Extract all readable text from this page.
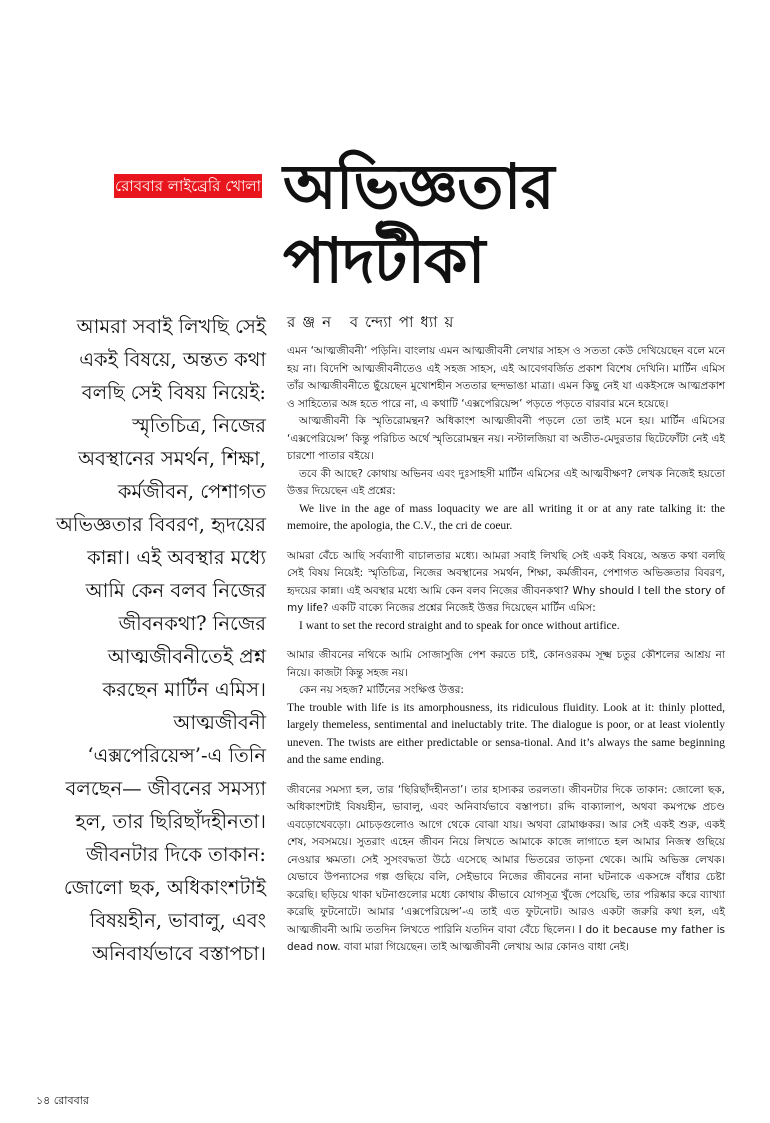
রোববার লাইব্রেরি খোলা অভিজ্ঞতার
পাদটীকা
আমরা সবাই লিখছি সেই একই বিষয়ে, অন্তত কথা বলছি সেই বিষয় নিয়েই: স্মৃতিচিত্র, নিজের অবস্থানের সমর্থন, শিক্ষা, কর্মজীবন, পেশাগত অভিজ্ঞতার বিবরণ, হৃদয়ের কান্না। এই অবস্থার মধ্যে আমি কেন বলব নিজের জীবনকথা? নিজের আত্মজীবনীতেই প্রশ্ন করছেন মার্টিন এমিস। আত্মজীবনী ‘এক্সপেরিয়েন্স’-এ তিনি বলছেন— জীবনের সমস্যা হল, তার ছিরিছাঁদহীনতা। জীবনটার দিকে তাকান: জোলো ছক, অধিকাংশটাই বিষয়হীন, ভাবালু, এবং অনিবার্যভাবে বস্তাপচা।
রঞ্জন বন্দ্যোপাধ্যায়

এমন ‘আত্মজীবনী’ পড়িনি। বাংলায় এমন আত্মজীবনী লেখার সাহস ও সততা কেউ দেখিয়েছেন বলে মনে হয় না। বিদেশি আত্মজীবনীতেও এই সহজ সাহস, এই আবেগবর্জিত প্রকাশ বিশেষ দেখিনি। মার্টিন এমিস তাঁর আত্মজীবনীতে ছুঁয়েছেন মুখোশহীন সততার ছন্দভাঙা মাত্রা। এমন কিছু নেই যা একইসঙ্গে আত্মপ্রকাশ ও সাহিত্যের অঙ্গ হতে পারে না, এ কথাটি ‘এক্সপেরিয়েন্স’ পড়তে পড়তে বারবার মনে হয়েছে।

আত্মজীবনী কি স্মৃতিরোমন্থন? অধিকাংশ আত্মজীবনী পড়লে তো তাই মনে হয়। মার্টিন এমিসের ‘এক্সপেরিয়েন্স’ কিন্তু পরিচিত অর্থে স্মৃতিরোমন্থন নয়। নস্টালজিয়া বা অতীত-মেদুরতার ছিটেফোঁটা নেই এই চারশো পাতার বইয়ে।

তবে কী আছে? কোথায় অভিনব এবং দুঃসাহসী মার্টিন এমিসের এই আত্মবীক্ষণ? লেখক নিজেই হয়তো উত্তর দিয়েছেন এই প্রশ্নের:

We live in the age of mass loquacity we are all writing it or at any rate talking it: the memoire, the apologia, the C.V., the cri de coeur.

আমরা বেঁচে আছি সর্বব্যাপী বাচালতার মধ্যে। আমরা সবাই লিখছি সেই একই বিষয়ে, অন্তত কথা বলছি সেই বিষয় নিয়েই: স্মৃতিচিত্র, নিজের অবস্থানের সমর্থন, শিক্ষা, কর্মজীবন, পেশাগত অভিজ্ঞতার বিবরণ, হৃদয়ের কান্না। এই অবস্থার মধ্যে আমি কেন বলব নিজের জীবনকথা? Why should I tell the story of my life? একটি বাক্যে নিজের প্রশ্নের নিজেই উত্তর দিয়েছেন মার্টিন এমিস:

I want to set the record straight and to speak for once without artifice.

আমার জীবনের নথিকে আমি সোজাসুজি পেশ করতে চাই, কোনওরকম সূক্ষ্ম চতুর কৌশলের আশ্রয় না নিয়ে। কাজটা কিন্তু সহজ নয়।

কেন নয় সহজ? মার্টিনের সংক্ষিপ্ত উত্তর:

The trouble with life is its amorphousness, its ridiculous fluidity. Look at it: thinly plotted, largely themeless, sentimental and ineluctably trite. The dialogue is poor, or at least violently uneven. The twists are either predictable or sensa-tional. And it’s always the same beginning and the same ending.

জীবনের সমস্যা হল, তার ‘ছিরিছাঁদহীনতা’। তার হাস্যকর তরলতা। জীবনটার দিকে তাকান: জোলো ছক, অধিকাংশটাই বিষয়হীন, ভাবালু, এবং অনিবার্যভাবে বস্তাপচা। রদ্দি বাক্যালাপ, অথবা কমপক্ষে প্রচণ্ড এবড়োখেবড়ো। মোচড়গুলোও আগে থেকে বোঝা যায়। অথবা রোমাঞ্চকর। আর সেই একই শুরু, একই শেষ, সবসময়ে। সুতরাং এহেন জীবন নিয়ে লিখতে আমাকে কাজে লাগাতে হল আমার নিজস্ব গুছিয়ে নেওয়ার ক্ষমতা। সেই সুসংবদ্ধতা উঠে এসেছে আমার ভিতরের তাড়না থেকে। আমি অভিজ্ঞ লেখক। যেভাবে উপন্যাসের গল্প গুছিয়ে বলি, সেইভাবে নিজের জীবনের নানা ঘটনাকে একসঙ্গে বাঁধার চেষ্টা করেছি। ছড়িয়ে থাকা ঘটনাগুলোর মধ্যে কোথায় কীভাবে যোগসূত্র খুঁজে পেয়েছি, তার পরিষ্কার করে ব্যাখ্যা করেছি ফুটনোটে। আমার ‘এক্সপেরিয়েন্স’-এ তাই এত ফুটনোট। আরও একটা জরুরি কথা হল, এই আত্মজীবনী আমি ততদিন লিখতে পারিনি যতদিন বাবা বেঁচে ছিলেন। I do it because my father is dead now. বাবা মারা গিয়েছেন। তাই আত্মজীবনী লেখায় আর কোনও বাধা নেই।

১৪ রোববার
